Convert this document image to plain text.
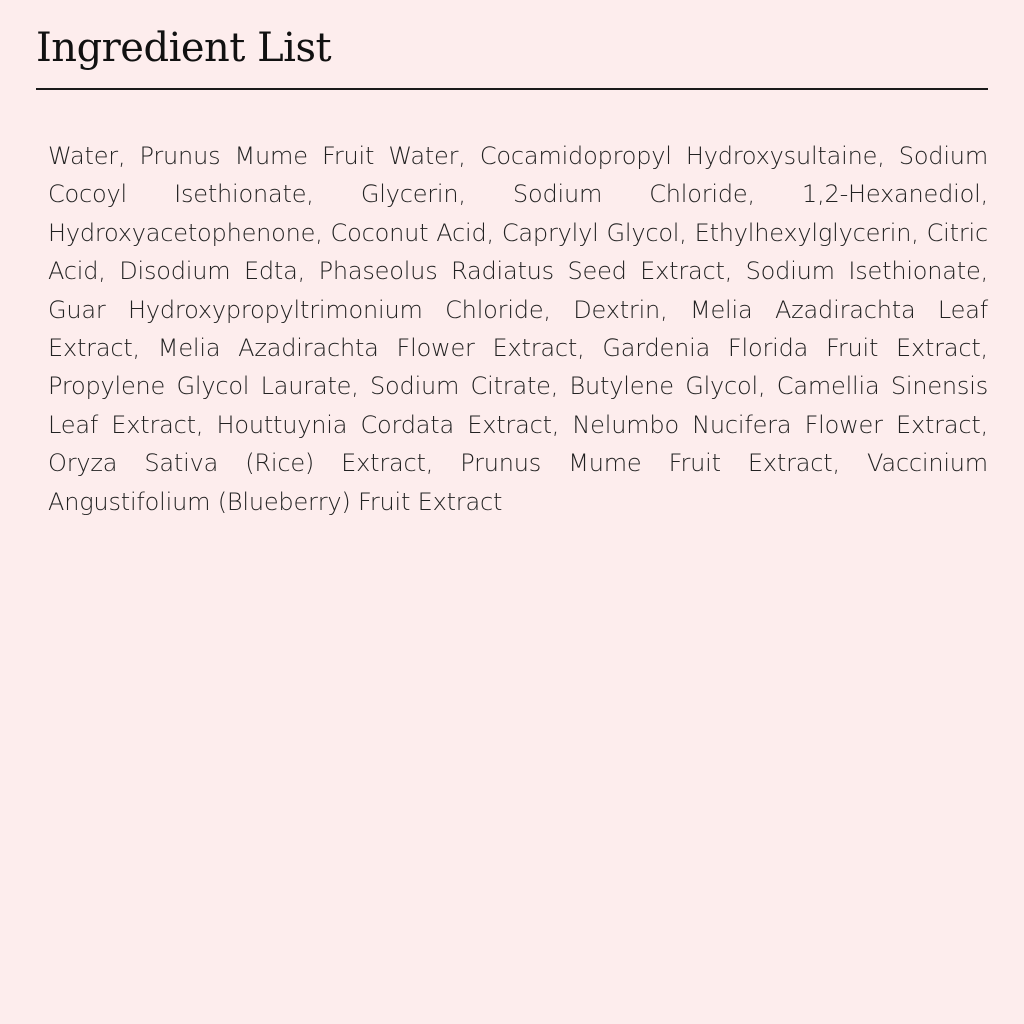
Ingredient List

Water, Prunus Mume Fruit Water, Cocamidopropyl Hydroxysultaine, Sodium Cocoyl Isethionate, Glycerin, Sodium Chloride, 1,2-Hexanediol, Hydroxyacetophenone, Coconut Acid, Caprylyl Glycol, Ethylhexylglycerin, Citric Acid, Disodium Edta, Phaseolus Radiatus Seed Extract, Sodium Isethionate, Guar Hydroxypropyltrimonium Chloride, Dextrin, Melia Azadirachta Leaf Extract, Melia Azadirachta Flower Extract, Gardenia Florida Fruit Extract, Propylene Glycol Laurate, Sodium Citrate, Butylene Glycol, Camellia Sinensis Leaf Extract, Houttuynia Cordata Extract, Nelumbo Nucifera Flower Extract, Oryza Sativa (Rice) Extract, Prunus Mume Fruit Extract, Vaccinium Angustifolium (Blueberry) Fruit Extract
